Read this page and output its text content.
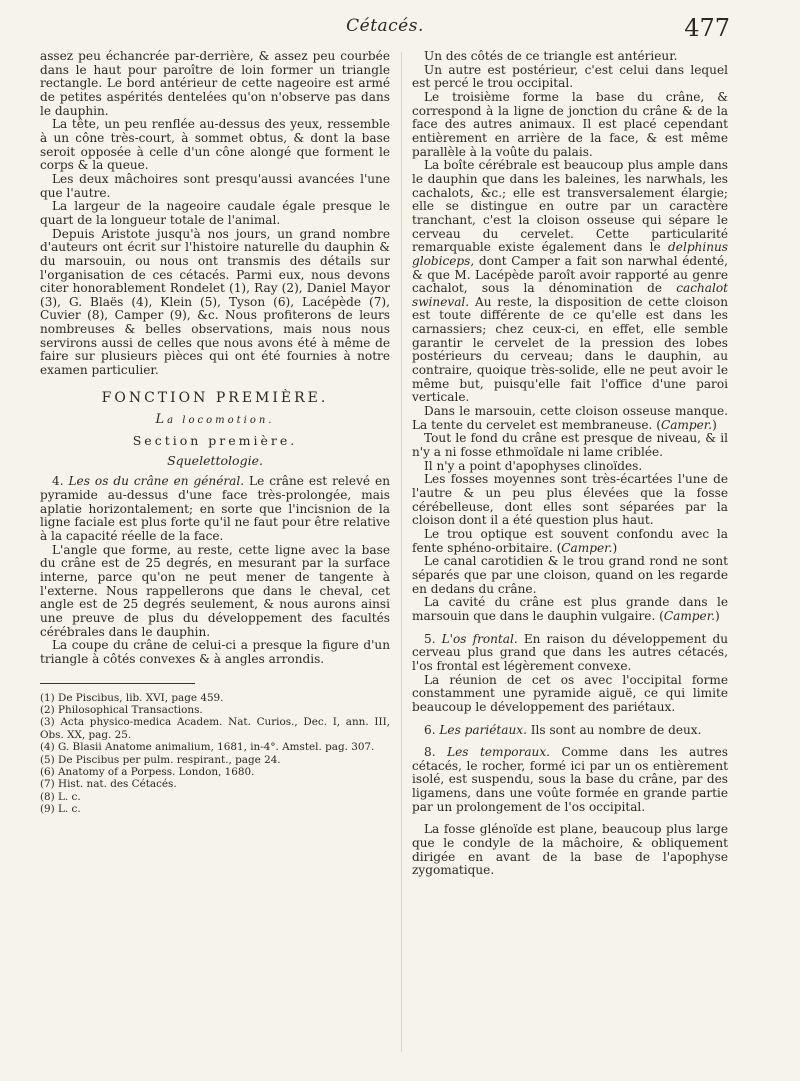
Cétacés.	477

assez peu échancrée par-derrière, & assez peu courbée dans le haut pour paroître de loin former un triangle rectangle. Le bord antérieur de cette nageoire est armé de petites aspérités dentelées qu'on n'observe pas dans le dauphin.

La tête, un peu renflée au-dessus des yeux, ressemble à un cône très-court, à sommet obtus, & dont la base seroit opposée à celle d'un cône alongé que forment le corps & la queue.

Les deux mâchoires sont presqu'aussi avancées l'une que l'autre.

La largeur de la nageoire caudale égale presque le quart de la longueur totale de l'animal.

Depuis Aristote jusqu'à nos jours, un grand nombre d'auteurs ont écrit sur l'histoire naturelle du dauphin & du marsouin, ou nous ont transmis des détails sur l'organisation de ces cétacés. Parmi eux, nous devons citer honorablement Rondelet (1), Ray (2), Daniel Mayor (3), G. Blaës (4), Klein (5), Tyson (6), Lacépède (7), Cuvier (8), Camper (9), &c. Nous profiterons de leurs nombreuses & belles observations, mais nous nous servirons aussi de celles que nous avons été à même de faire sur plusieurs pièces qui ont été fournies à notre examen particulier.

FONCTION PREMIÈRE.
La locomotion.
Section première.
Squelettologie.

4. Les os du crâne en général. Le crâne est relevé en pyramide au-dessus d'une face très-prolongée, mais aplatie horizontalement; en sorte que l'incisnion de la ligne faciale est plus forte qu'il ne faut pour être relative à la capacité réelle de la face.

L'angle que forme, au reste, cette ligne avec la base du crâne est de 25 degrés, en mesurant par la surface interne, parce qu'on ne peut mener de tangente à l'externe. Nous rappellerons que dans le cheval, cet angle est de 25 degrés seulement, & nous aurons ainsi une preuve de plus du développement des facultés cérébrales dans le dauphin.

La coupe du crâne de celui-ci a presque la figure d'un triangle à côtés convexes & à angles arrondis.

(1) De Piscibus, lib. XVI, page 459.
(2) Philosophical Transactions.
(3) Acta physico-medica Academ. Nat. Curios., Dec. I, ann. III, Obs. XX, pag. 25.
(4) G. Blasii Anatome animalium, 1681, in-4°. Amstel. pag. 307.
(5) De Piscibus per pulm. respirant., page 24.
(6) Anatomy of a Porpess. London, 1680.
(7) Hist. nat. des Cétacés.
(8) L. c.
(9) L. c.

Un des côtés de ce triangle est antérieur.

Un autre est postérieur, c'est celui dans lequel est percé le trou occipital.

Le troisième forme la base du crâne, & correspond à la ligne de jonction du crâne & de la face des autres animaux. Il est placé cependant entièrement en arrière de la face, & est même parallèle à la voûte du palais.

La boîte cérébrale est beaucoup plus ample dans le dauphin que dans les baleines, les narwhals, les cachalots, &c.; elle est transversalement élargie; elle se distingue en outre par un caractère tranchant, c'est la cloison osseuse qui sépare le cerveau du cervelet. Cette particularité remarquable existe également dans le delphinus globiceps, dont Camper a fait son narwhal édenté, & que M. Lacépède paroît avoir rapporté au genre cachalot, sous la dénomination de cachalot swineval. Au reste, la disposition de cette cloison est toute différente de ce qu'elle est dans les carnassiers; chez ceux-ci, en effet, elle semble garantir le cervelet de la pression des lobes postérieurs du cerveau; dans le dauphin, au contraire, quoique très-solide, elle ne peut avoir le même but, puisqu'elle fait l'office d'une paroi verticale.

Dans le marsouin, cette cloison osseuse manque. La tente du cervelet est membraneuse. (Camper.)

Tout le fond du crâne est presque de niveau, & il n'y a ni fosse ethmoïdale ni lame criblée.

Il n'y a point d'apophyses clinoïdes.

Les fosses moyennes sont très-écartées l'une de l'autre & un peu plus élevées que la fosse cérébelleuse, dont elles sont séparées par la cloison dont il a été question plus haut.

Le trou optique est souvent confondu avec la fente sphéno-orbitaire. (Camper.)

Le canal carotidien & le trou grand rond ne sont séparés que par une cloison, quand on les regarde en dedans du crâne.

La cavité du crâne est plus grande dans le marsouin que dans le dauphin vulgaire. (Camper.)

5. L'os frontal. En raison du développement du cerveau plus grand que dans les autres cétacés, l'os frontal est légèrement convexe.

La réunion de cet os avec l'occipital forme constamment une pyramide aiguë, ce qui limite beaucoup le développement des pariétaux.

6. Les pariétaux. Ils sont au nombre de deux.

8. Les temporaux. Comme dans les autres cétacés, le rocher, formé ici par un os entièrement isolé, est suspendu, sous la base du crâne, par des ligamens, dans une voûte formée en grande partie par un prolongement de l'os occipital.

La fosse glénoïde est plane, beaucoup plus large que le condyle de la mâchoire, & obliquement dirigée en avant de la base de l'apophyse zygomatique.
